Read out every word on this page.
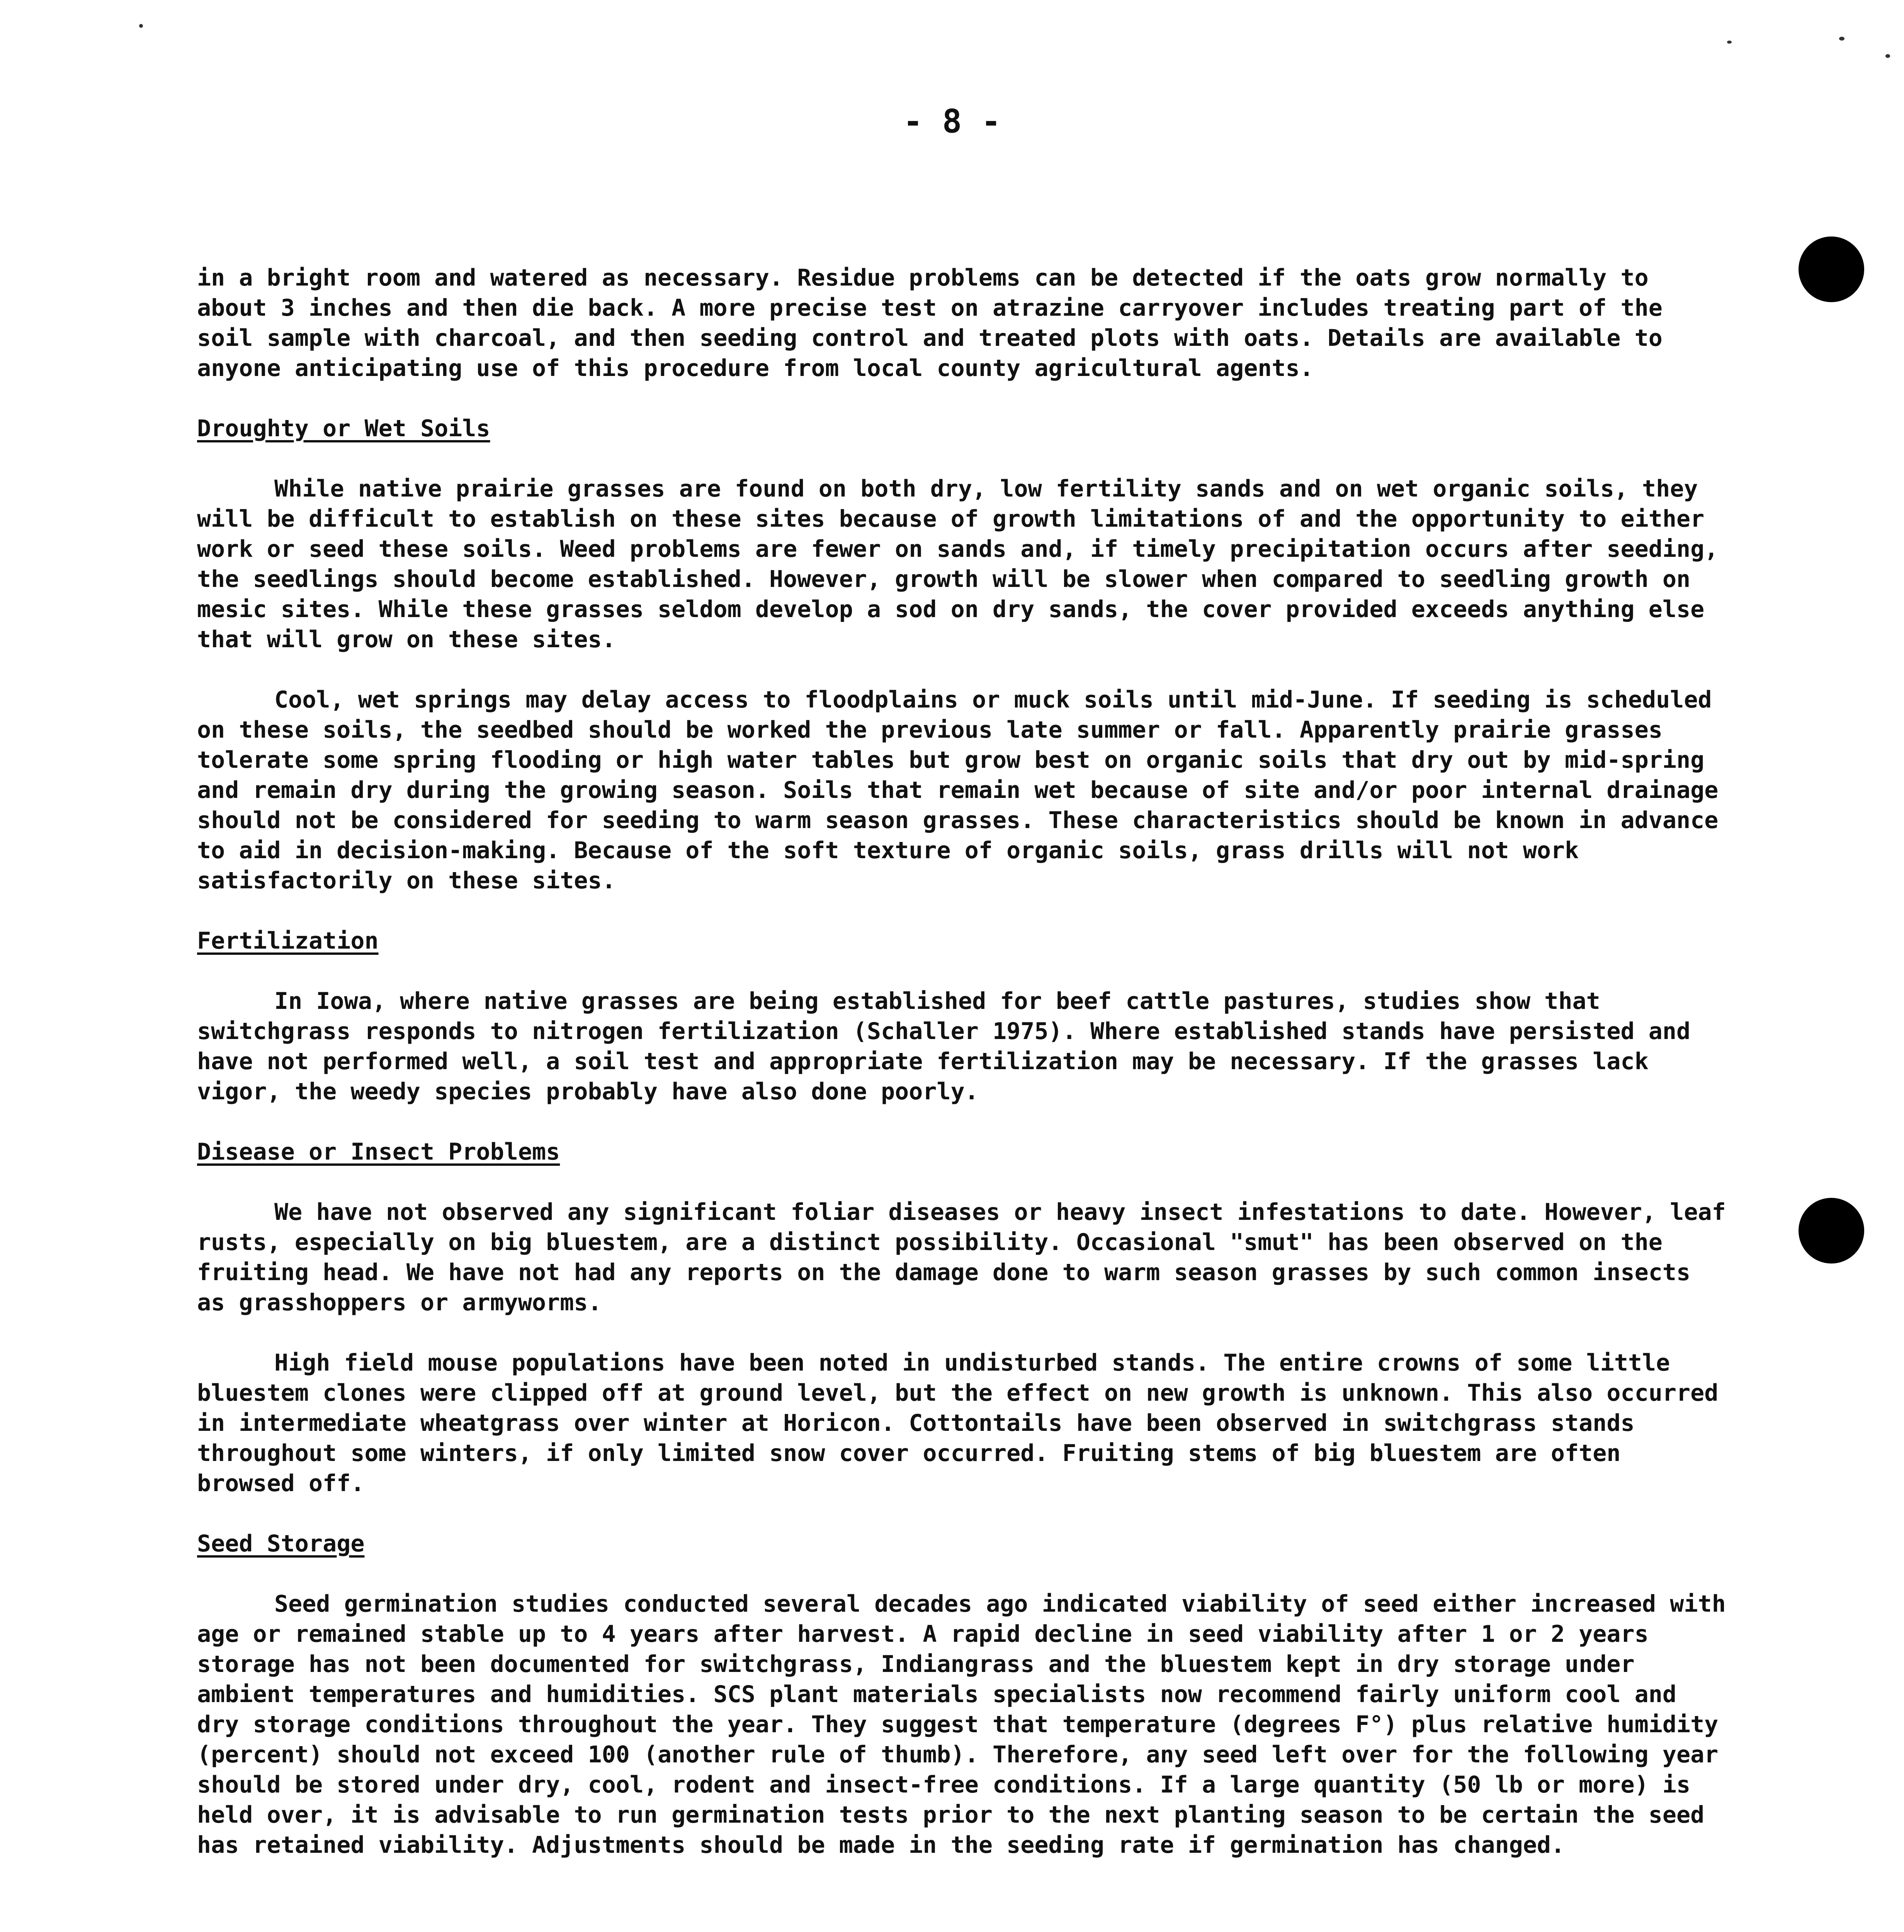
- 8 -

in a bright room and watered as necessary. Residue problems can be detected if the oats grow normally to about 3 inches and then die back. A more precise test on atrazine carryover includes treating part of the soil sample with charcoal, and then seeding control and treated plots with oats. Details are available to anyone anticipating use of this procedure from local county agricultural agents.

Droughty or Wet Soils

While native prairie grasses are found on both dry, low fertility sands and on wet organic soils, they will be difficult to establish on these sites because of growth limitations of and the opportunity to either work or seed these soils. Weed problems are fewer on sands and, if timely precipitation occurs after seeding, the seedlings should become established. However, growth will be slower when compared to seedling growth on mesic sites. While these grasses seldom develop a sod on dry sands, the cover provided exceeds anything else that will grow on these sites.

Cool, wet springs may delay access to floodplains or muck soils until mid-June. If seeding is scheduled on these soils, the seedbed should be worked the previous late summer or fall. Apparently prairie grasses tolerate some spring flooding or high water tables but grow best on organic soils that dry out by mid-spring and remain dry during the growing season. Soils that remain wet because of site and/or poor internal drainage should not be considered for seeding to warm season grasses. These characteristics should be known in advance to aid in decision-making. Because of the soft texture of organic soils, grass drills will not work satisfactorily on these sites.

Fertilization

In Iowa, where native grasses are being established for beef cattle pastures, studies show that switchgrass responds to nitrogen fertilization (Schaller 1975). Where established stands have persisted and have not performed well, a soil test and appropriate fertilization may be necessary. If the grasses lack vigor, the weedy species probably have also done poorly.

Disease or Insect Problems

We have not observed any significant foliar diseases or heavy insect infestations to date. However, leaf rusts, especially on big bluestem, are a distinct possibility. Occasional "smut" has been observed on the fruiting head. We have not had any reports on the damage done to warm season grasses by such common insects as grasshoppers or armyworms.

High field mouse populations have been noted in undisturbed stands. The entire crowns of some little bluestem clones were clipped off at ground level, but the effect on new growth is unknown. This also occurred in intermediate wheatgrass over winter at Horicon. Cottontails have been observed in switchgrass stands throughout some winters, if only limited snow cover occurred. Fruiting stems of big bluestem are often browsed off.

Seed Storage

Seed germination studies conducted several decades ago indicated viability of seed either increased with age or remained stable up to 4 years after harvest. A rapid decline in seed viability after 1 or 2 years storage has not been documented for switchgrass, Indiangrass and the bluestem kept in dry storage under ambient temperatures and humidities. SCS plant materials specialists now recommend fairly uniform cool and dry storage conditions throughout the year. They suggest that temperature (degrees F°) plus relative humidity (percent) should not exceed 100 (another rule of thumb). Therefore, any seed left over for the following year should be stored under dry, cool, rodent and insect-free conditions. If a large quantity (50 lb or more) is held over, it is advisable to run germination tests prior to the next planting season to be certain the seed has retained viability. Adjustments should be made in the seeding rate if germination has changed.
